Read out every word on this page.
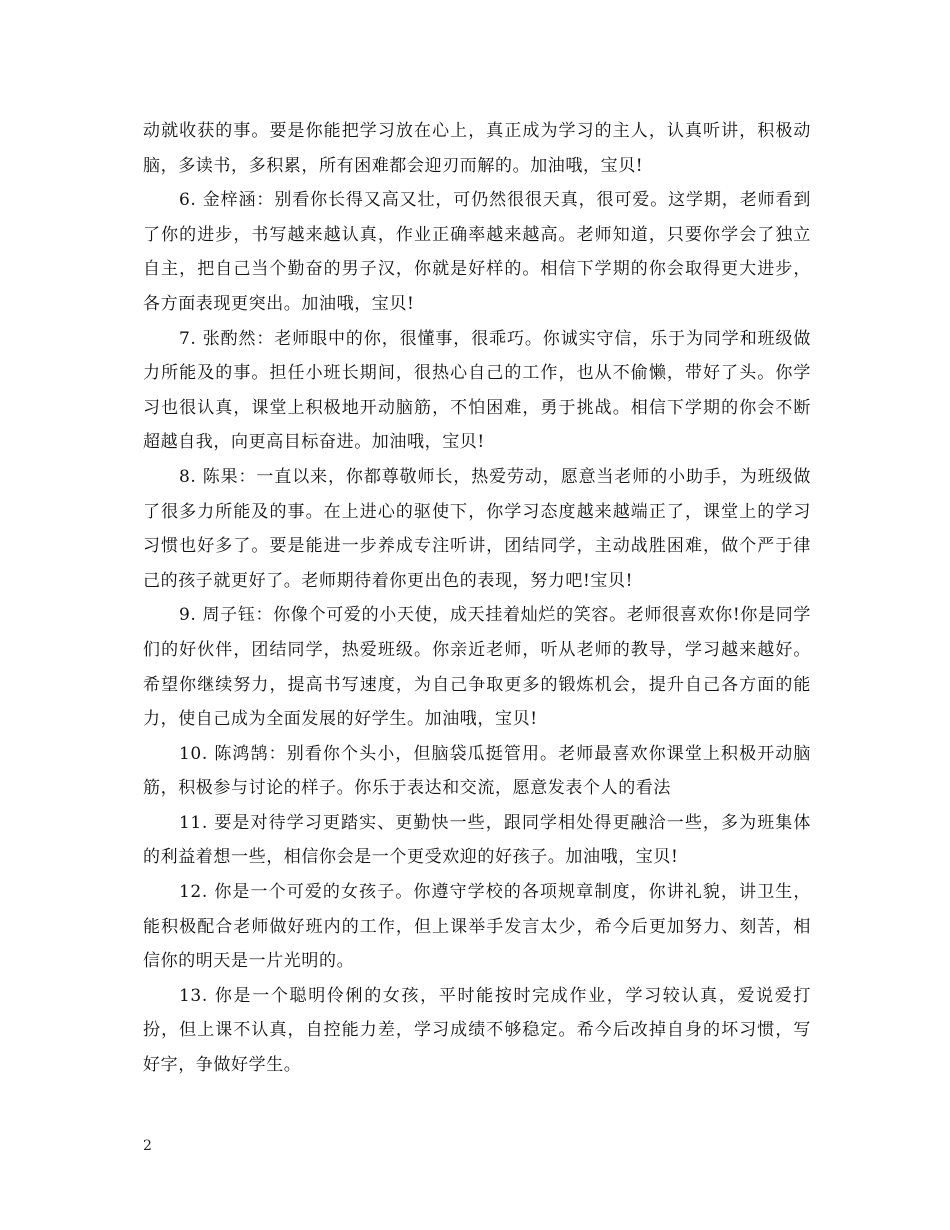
动就收获的事。要是你能把学习放在心上，真正成为学习的主人，认真听讲，积极动脑，多读书，多积累，所有困难都会迎刃而解的。加油哦，宝贝!

6. 金梓涵：别看你长得又高又壮，可仍然很很天真，很可爱。这学期，老师看到了你的进步，书写越来越认真，作业正确率越来越高。老师知道，只要你学会了独立自主，把自己当个勤奋的男子汉，你就是好样的。相信下学期的你会取得更大进步，各方面表现更突出。加油哦，宝贝!

7. 张酌然：老师眼中的你，很懂事，很乖巧。你诚实守信，乐于为同学和班级做力所能及的事。担任小班长期间，很热心自己的工作，也从不偷懒，带好了头。你学习也很认真，课堂上积极地开动脑筋，不怕困难，勇于挑战。相信下学期的你会不断超越自我，向更高目标奋进。加油哦，宝贝!

8. 陈果：一直以来，你都尊敬师长，热爱劳动，愿意当老师的小助手，为班级做了很多力所能及的事。在上进心的驱使下，你学习态度越来越端正了，课堂上的学习习惯也好多了。要是能进一步养成专注听讲，团结同学，主动战胜困难，做个严于律己的孩子就更好了。老师期待着你更出色的表现，努力吧!宝贝!

9. 周子钰：你像个可爱的小天使，成天挂着灿烂的笑容。老师很喜欢你!你是同学们的好伙伴，团结同学，热爱班级。你亲近老师，听从老师的教导，学习越来越好。希望你继续努力，提高书写速度，为自己争取更多的锻炼机会，提升自己各方面的能力，使自己成为全面发展的好学生。加油哦，宝贝!

10. 陈鸿鹄：别看你个头小，但脑袋瓜挺管用。老师最喜欢你课堂上积极开动脑筋，积极参与讨论的样子。你乐于表达和交流，愿意发表个人的看法

11. 要是对待学习更踏实、更勤快一些，跟同学相处得更融洽一些，多为班集体的利益着想一些，相信你会是一个更受欢迎的好孩子。加油哦，宝贝!

12. 你是一个可爱的女孩子。你遵守学校的各项规章制度，你讲礼貌，讲卫生，能积极配合老师做好班内的工作，但上课举手发言太少，希今后更加努力、刻苦，相信你的明天是一片光明的。

13. 你是一个聪明伶俐的女孩，平时能按时完成作业，学习较认真，爱说爱打扮，但上课不认真，自控能力差，学习成绩不够稳定。希今后改掉自身的坏习惯，写好字，争做好学生。

2
